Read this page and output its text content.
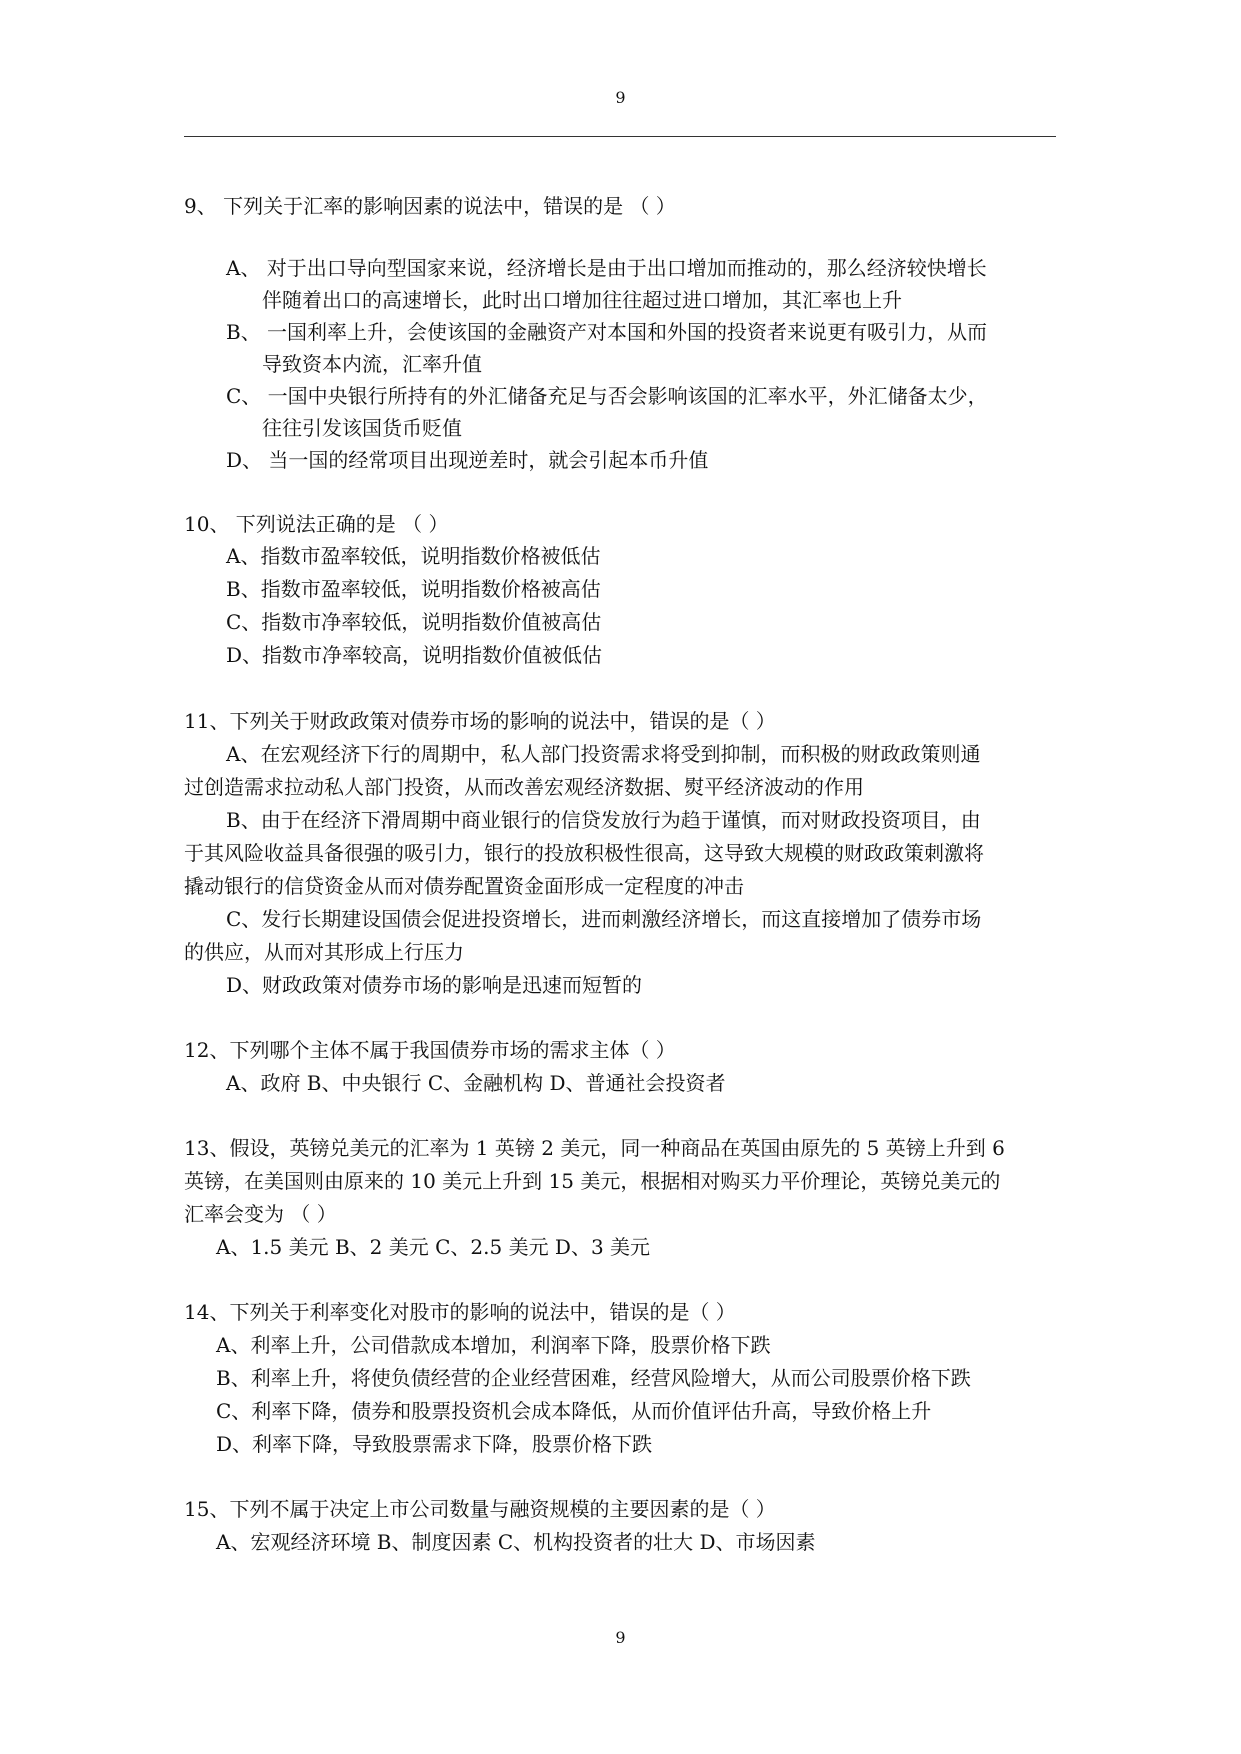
9
9、 下列关于汇率的影响因素的说法中，错误的是 （ ）
A、 对于出口导向型国家来说，经济增长是由于出口增加而推动的，那么经济较快增长
伴随着出口的高速增长，此时出口增加往往超过进口增加，其汇率也上升
B、 一国利率上升，会使该国的金融资产对本国和外国的投资者来说更有吸引力，从而
导致资本内流，汇率升值
C、 一国中央银行所持有的外汇储备充足与否会影响该国的汇率水平，外汇储备太少，
往往引发该国货币贬值
D、 当一国的经常项目出现逆差时，就会引起本币升值
10、 下列说法正确的是 （ ）
A、指数市盈率较低，说明指数价格被低估
B、指数市盈率较低，说明指数价格被高估
C、指数市净率较低，说明指数价值被高估
D、指数市净率较高，说明指数价值被低估
11、下列关于财政政策对债券市场的影响的说法中，错误的是（ ）
A、在宏观经济下行的周期中，私人部门投资需求将受到抑制，而积极的财政政策则通
过创造需求拉动私人部门投资，从而改善宏观经济数据、熨平经济波动的作用
B、由于在经济下滑周期中商业银行的信贷发放行为趋于谨慎，而对财政投资项目，由
于其风险收益具备很强的吸引力，银行的投放积极性很高，这导致大规模的财政政策刺激将
撬动银行的信贷资金从而对债券配置资金面形成一定程度的冲击
C、发行长期建设国债会促进投资增长，进而刺激经济增长，而这直接增加了债券市场
的供应，从而对其形成上行压力
D、财政政策对债券市场的影响是迅速而短暂的
12、下列哪个主体不属于我国债券市场的需求主体（ ）
A、政府 B、中央银行 C、金融机构 D、普通社会投资者
13、假设，英镑兑美元的汇率为 1 英镑 2 美元，同一种商品在英国由原先的 5 英镑上升到 6
英镑，在美国则由原来的 10 美元上升到 15 美元，根据相对购买力平价理论，英镑兑美元的
汇率会变为 （ ）
A、1.5 美元 B、2 美元 C、2.5 美元 D、3 美元
14、下列关于利率变化对股市的影响的说法中，错误的是（ ）
A、利率上升，公司借款成本增加，利润率下降，股票价格下跌
B、利率上升，将使负债经营的企业经营困难，经营风险增大，从而公司股票价格下跌
C、利率下降，债券和股票投资机会成本降低，从而价值评估升高，导致价格上升
D、利率下降，导致股票需求下降，股票价格下跌
15、下列不属于决定上市公司数量与融资规模的主要因素的是（ ）
A、宏观经济环境 B、制度因素 C、机构投资者的壮大 D、市场因素
9
